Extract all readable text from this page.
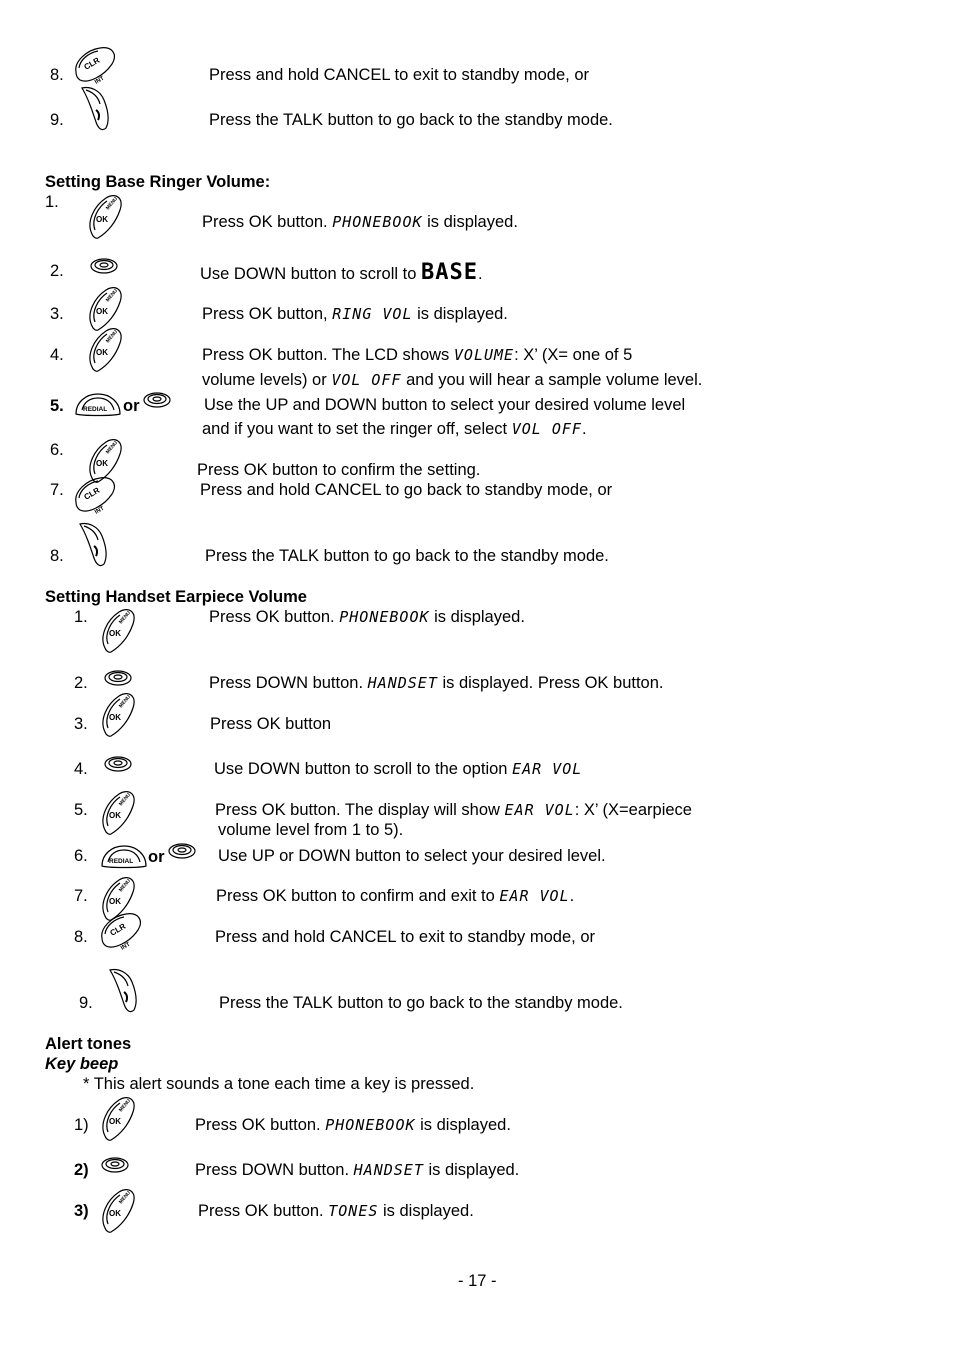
8.	Press and hold CANCEL to exit to standby mode, or
9.	Press the TALK button to go back to the standby mode.
Setting Base Ringer Volume:
1.
Press OK button. PHONEBOOK is displayed.
2.	Use DOWN button to scroll to BASE.
3.	Press OK button, RING VOL is displayed.
4.	Press OK button. The LCD shows VOLUME: X’ (X= one of 5
volume levels) or VOL OFF and you will hear a sample volume level.
5.	or	Use the UP and DOWN button to select your desired volume level
and if you want to set the ringer off, select VOL OFF.
6.
Press OK button to confirm the setting.
7.	Press and hold CANCEL to go back to standby mode, or
8.	Press the TALK button to go back to the standby mode.
Setting Handset Earpiece Volume
1.	Press OK button. PHONEBOOK is displayed.
2.	Press DOWN button. HANDSET is displayed. Press OK button.
3.	Press OK button
4.	Use DOWN button to scroll to the option EAR VOL
5.	Press OK button. The display will show EAR VOL: X’ (X=earpiece
volume level from 1 to 5).
6.	or	Use UP or DOWN button to select your desired level.
7.	Press OK button to confirm and exit to EAR VOL.
8.	Press and hold CANCEL to exit to standby mode, or
9.	Press the TALK button to go back to the standby mode.
Alert tones
Key beep
* This alert sounds a tone each time a key is pressed.
1)	Press OK button. PHONEBOOK is displayed.
2)	Press DOWN button. HANDSET is displayed.
3)	Press OK button. TONES is displayed.
- 17 -
